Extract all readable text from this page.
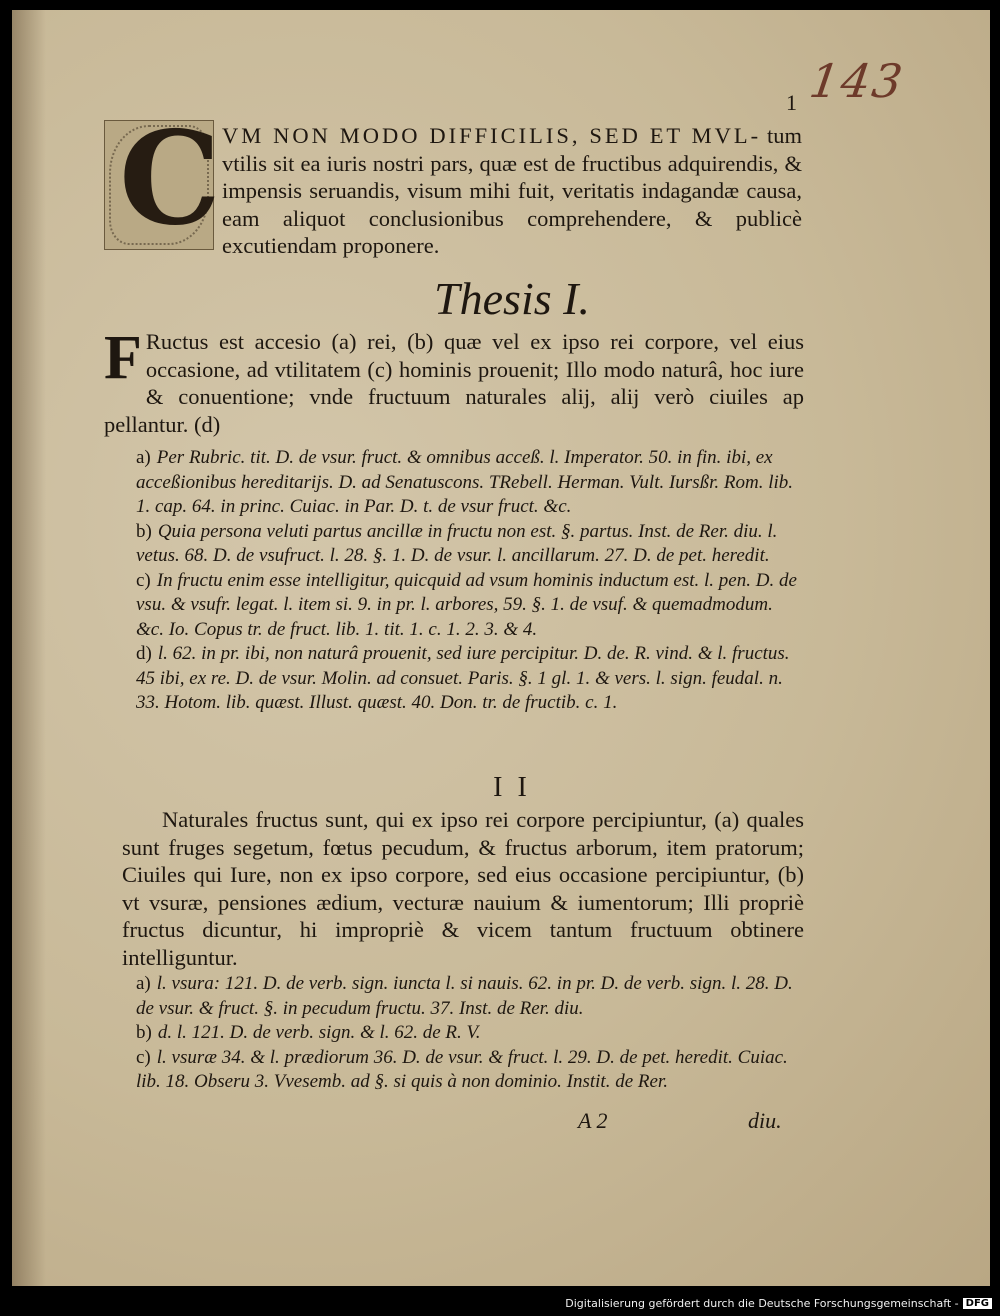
143
1
C VM NON MODO DIFFICILIS, SED ET MVL- tum vtilis sit ea iuris nostri pars, quæ est de fructibus adquirendis, & impensis seruandis, visum mihi fuit, veritatis indagandæ causa, eam aliquot conclusionibus comprehendere, & publicè excutiendam proponere.
Thesis I.
F Ructus est accesio (a) rei, (b) quæ vel ex ipso rei corpore, vel eius occasione, ad vtilitatem (c) hominis prouenit; Illo modo naturâ, hoc iure & conuentione; vnde fructuum naturales alij, alij verò ciuiles ap pellantur. (d)

a) Per Rubric. tit. D. de vsur. fruct. & omnibus acceß. l. Imperator. 50. in fin. ibi, ex acceßionibus hereditarijs. D. ad Senatuscons. TRebell. Herman. Vult. Iursßr. Rom. lib. 1. cap. 64. in princ. Cuiac. in Par. D. t. de vsur fruct. &c.

b) Quia persona veluti partus ancillæ in fructu non est. §. partus. Inst. de Rer. diu. l. vetus. 68. D. de vsufruct. l. 28. §. 1. D. de vsur. l. ancillarum. 27. D. de pet. heredit.

c) In fructu enim esse intelligitur, quicquid ad vsum hominis inductum est. l. pen. D. de vsu. & vsufr. legat. l. item si. 9. in pr. l. arbores, 59. §. 1. de vsuf. & quemadmodum. &c. Io. Copus tr. de fruct. lib. 1. tit. 1. c. 1. 2. 3. & 4.

d) l. 62. in pr. ibi, non naturâ prouenit, sed iure percipitur. D. de. R. vind. & l. fructus. 45 ibi, ex re. D. de vsur. Molin. ad consuet. Paris. §. 1 gl. 1. & vers. l. sign. feudal. n. 33. Hotom. lib. quæst. Illust. quæst. 40. Don. tr. de fructib. c. 1.

I I
Naturales fructus sunt, qui ex ipso rei corpore percipiuntur, (a) quales sunt fruges segetum, fœtus pecudum, & fructus arborum, item pratorum; Ciuiles qui Iure, non ex ipso corpore, sed eius occasione percipiuntur, (b) vt vsuræ, pensiones ædium, vecturæ nauium & iumentorum; Illi propriè fructus dicuntur, hi impropriè & vicem tantum fructuum obtinere intelliguntur.

a) l. vsura: 121. D. de verb. sign. iuncta l. si nauis. 62. in pr. D. de verb. sign. l. 28. D. de vsur. & fruct. §. in pecudum fructu. 37. Inst. de Rer. diu.

b) d. l. 121. D. de verb. sign. & l. 62. de R. V.

c) l. vsuræ 34. & l. prædiorum 36. D. de vsur. & fruct. l. 29. D. de pet. heredit. Cuiac. lib. 18. Obseru 3. Vvesemb. ad §. si quis à non dominio. Instit. de Rer.

A 2	diu.
Digitalisierung gefördert durch die Deutsche Forschungsgemeinschaft - DFG
